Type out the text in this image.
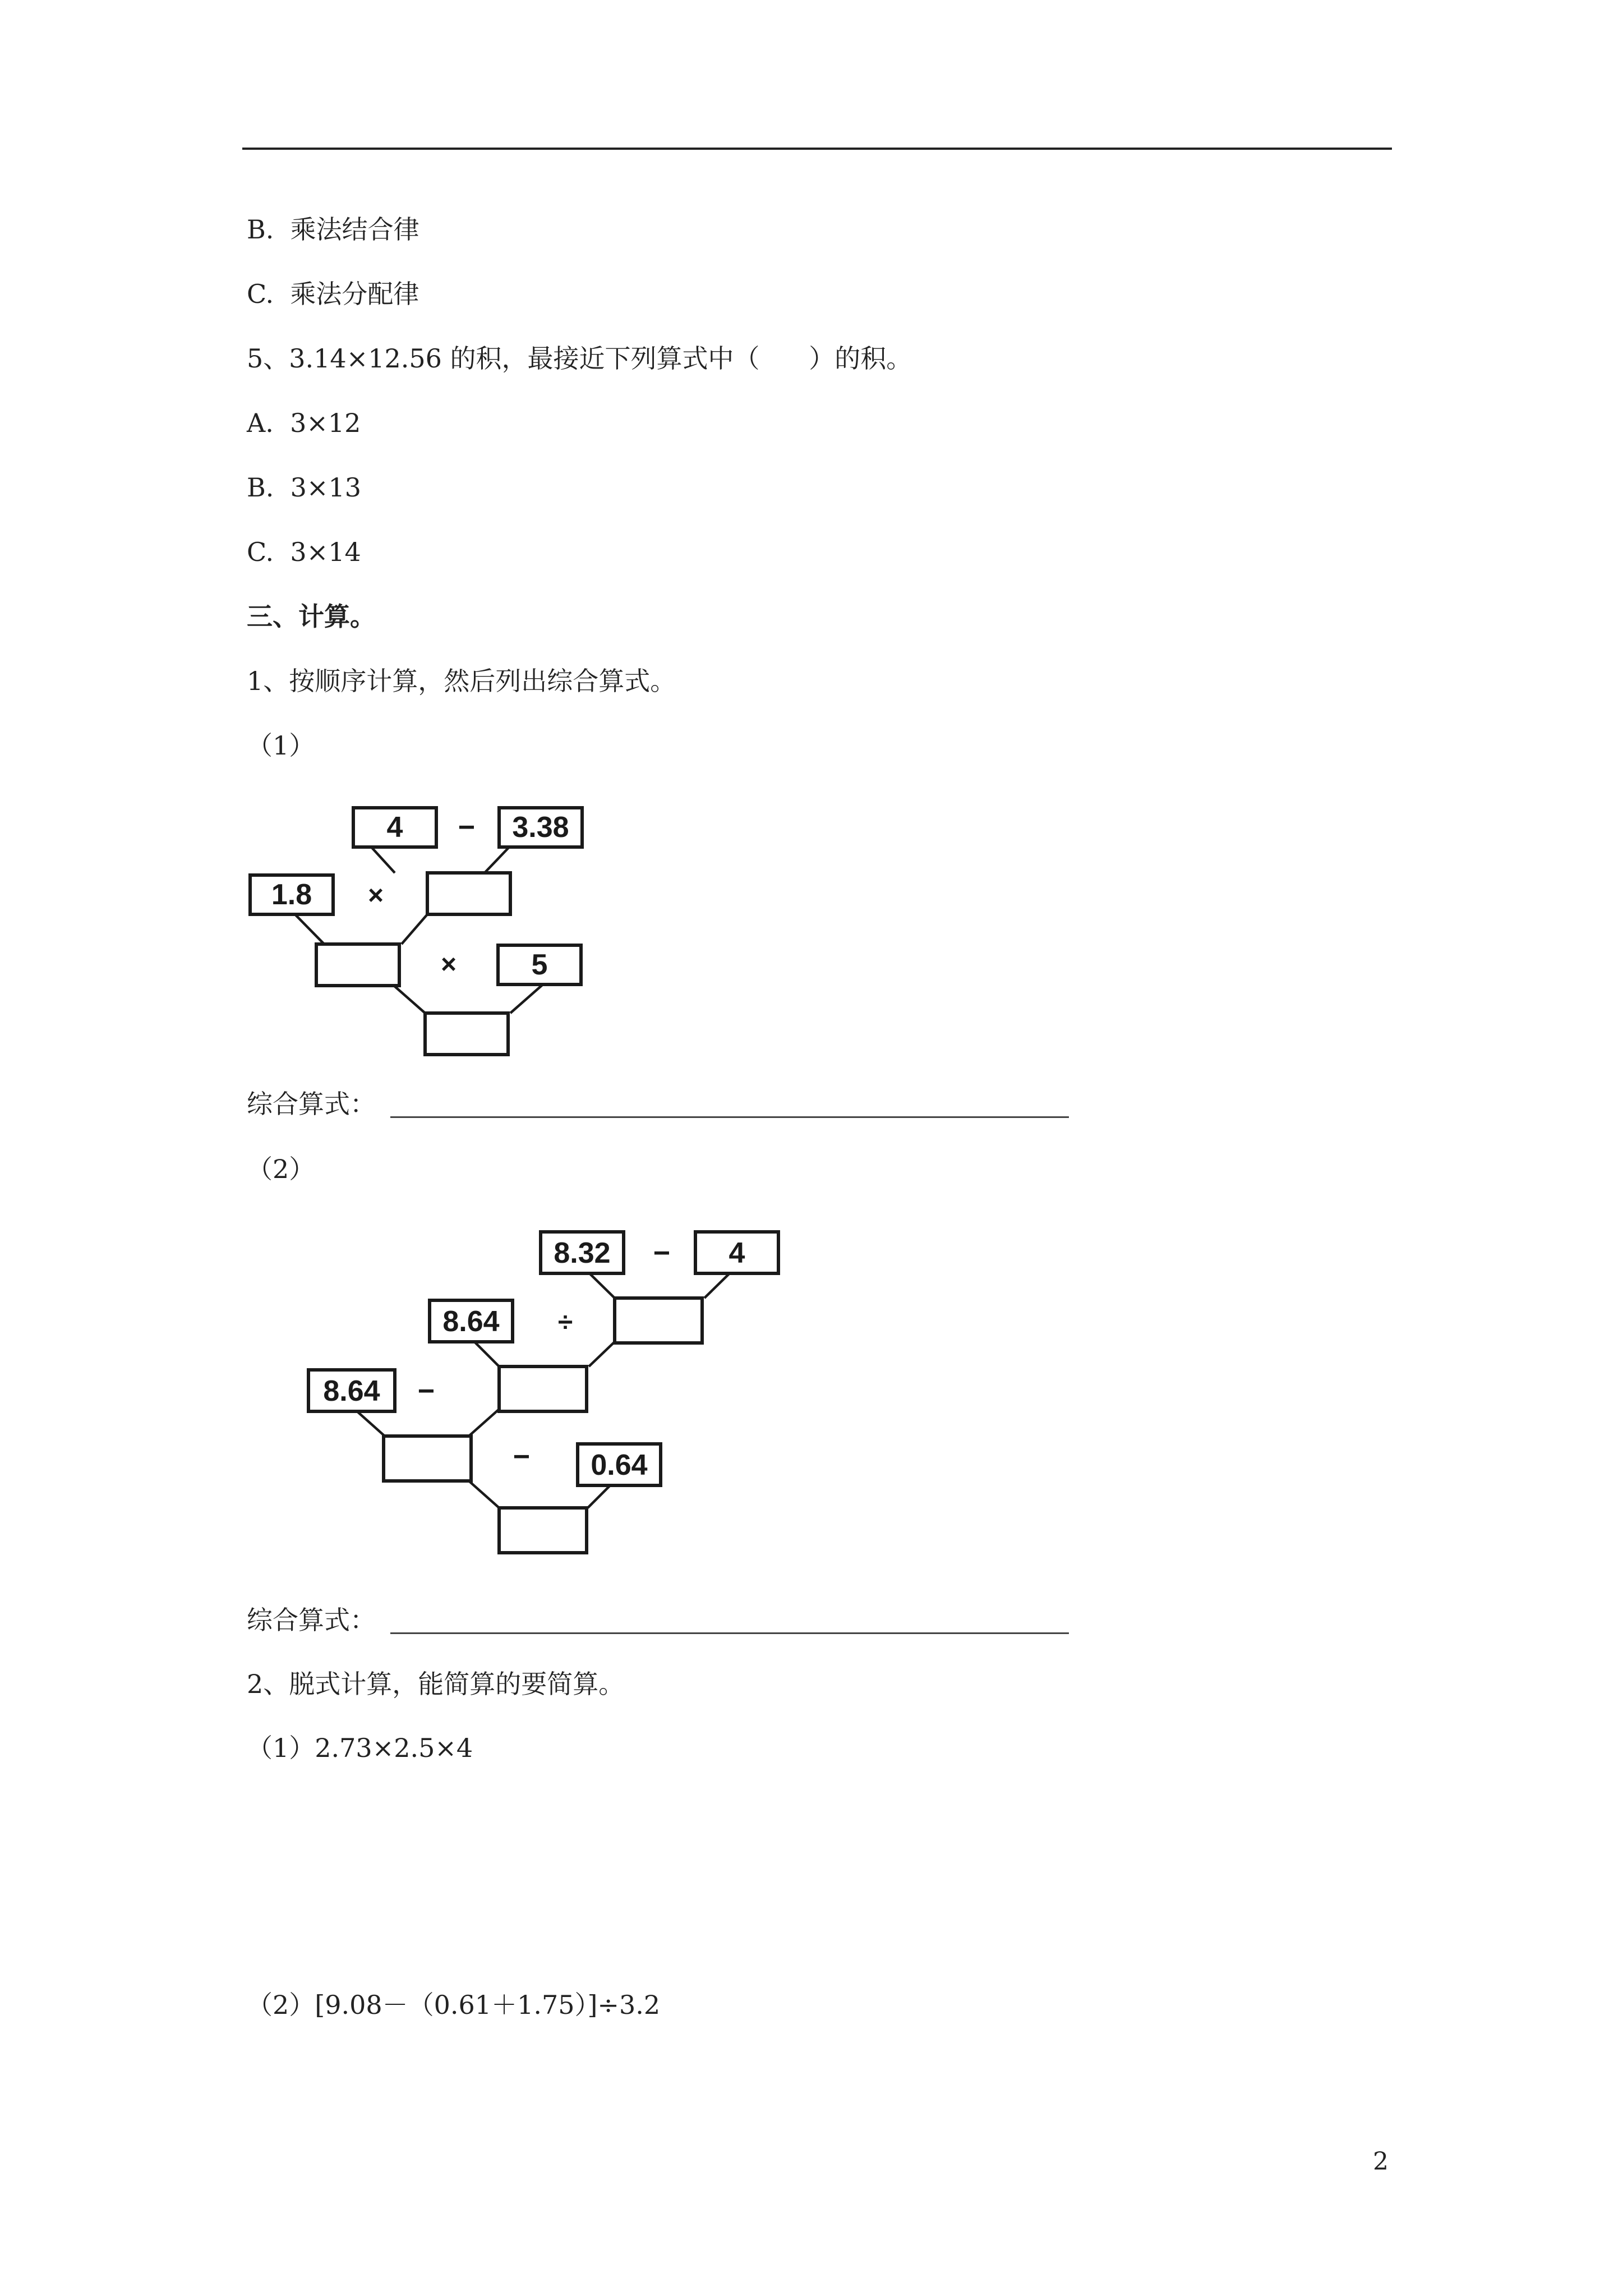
B.  乘法结合律
C.  乘法分配律
5、3.14×12.56 的积，最接近下列算式中（      ）的积。
A.  3×12
B.  3×13
C.  3×14
三、计算。
1、按顺序计算，然后列出综合算式。
（1）
4 − 3.38
1.8 ×
×	5
综合算式：
（2）
8.32 − 4
8.64 ÷
8.64 −
− 0.64
综合算式：
2、脱式计算，能简算的要简算。
（1）2.73×2.5×4
（2）[9.08－（0.61＋1.75）]÷3.2
2
